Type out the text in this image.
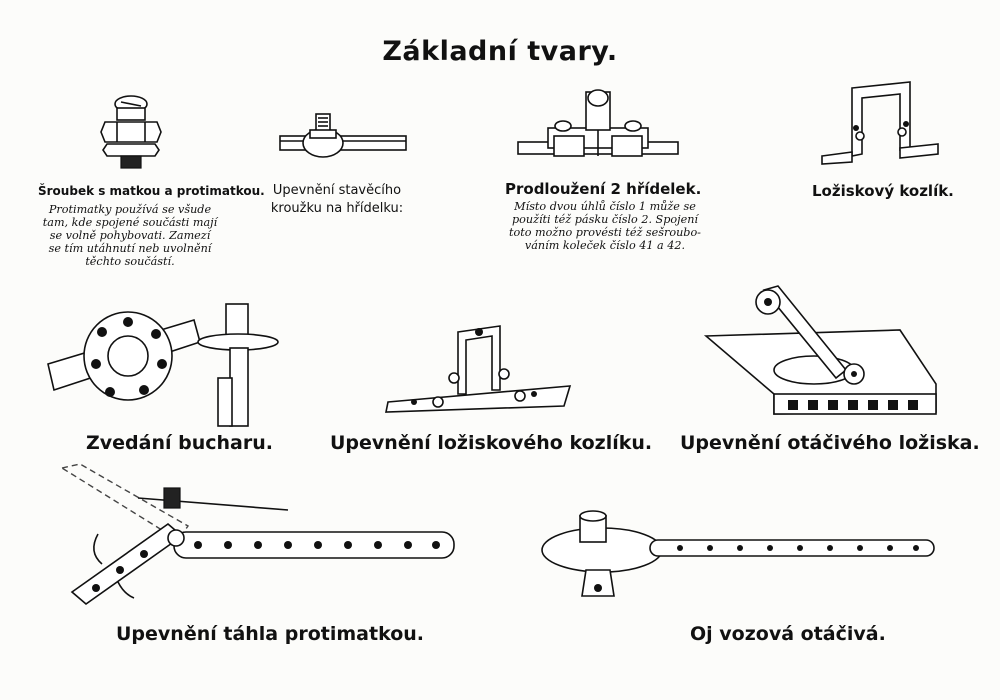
Základní tvary.
Šroubek s matkou a protimatkou.
Protimatky používá se všude
tam, kde spojené součásti mají
se volně pohybovati. Zamezí
se tím utáhnutí neb uvolnění
těchto součástí.
Upevnění stavěcího
kroužku na hřídelku:
Prodloužení 2 hřídelek.
Místo dvou úhlů číslo 1 může se
použíti též pásku číslo 2. Spojení
toto možno provésti též sešroubo-
váním koleček číslo 41 a 42.
Ložiskový kozlík.
Zvedání bucharu.	Upevnění ložiskového kozlíku. Upevnění otáčivého ložiska.
Upevnění táhla protimatkou.	Oj vozová otáčivá.
